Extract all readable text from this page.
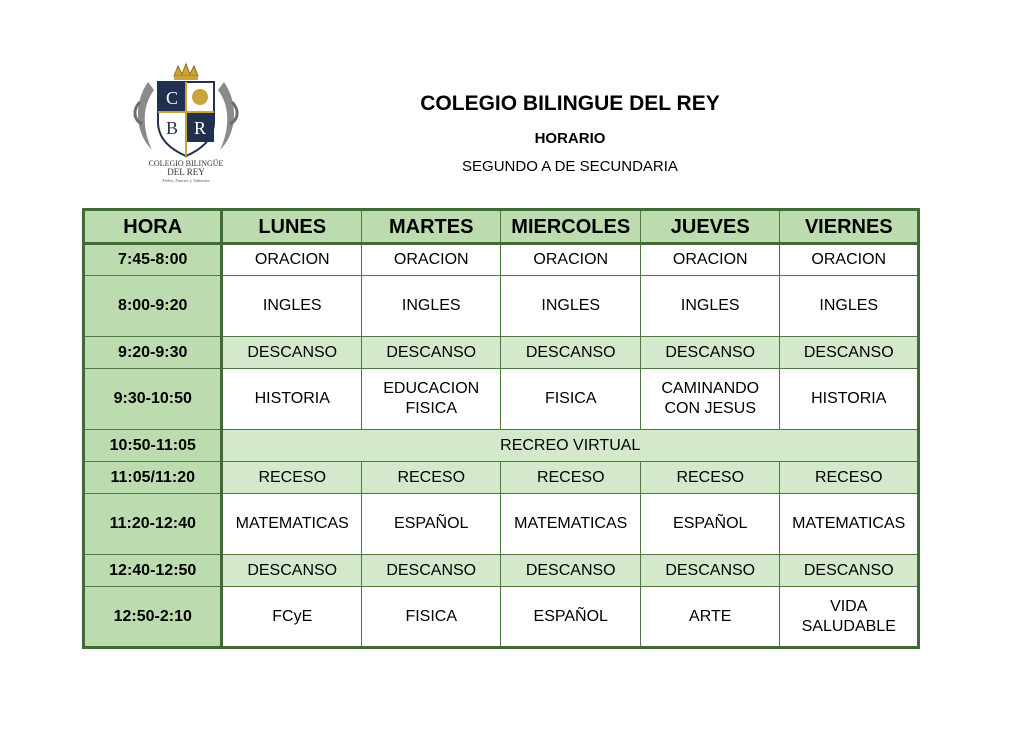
C
B R
COLEGIO BILINGÜE
DEL REY
Fieles, Fuertes y Valientes
COLEGIO BILINGUE DEL REY
HORARIO
SEGUNDO A DE SECUNDARIA
HORA	LUNES	MARTES	MIERCOLES	JUEVES	VIERNES
7:45-8:00	ORACION	ORACION	ORACION	ORACION	ORACION
8:00-9:20	INGLES	INGLES	INGLES	INGLES	INGLES
9:20-9:30	DESCANSO	DESCANSO	DESCANSO	DESCANSO	DESCANSO
9:30-10:50	HISTORIA	EDUCACION FISICA	FISICA	CAMINANDO CON JESUS	HISTORIA
10:50-11:05	RECREO VIRTUAL				
11:05/11:20	RECESO	RECESO	RECESO	RECESO	RECESO
11:20-12:40	MATEMATICAS	ESPAÑOL	MATEMATICAS	ESPAÑOL	MATEMATICAS
12:40-12:50	DESCANSO	DESCANSO	DESCANSO	DESCANSO	DESCANSO
12:50-2:10	FCyE	FISICA	ESPAÑOL	ARTE	VIDA SALUDABLE
